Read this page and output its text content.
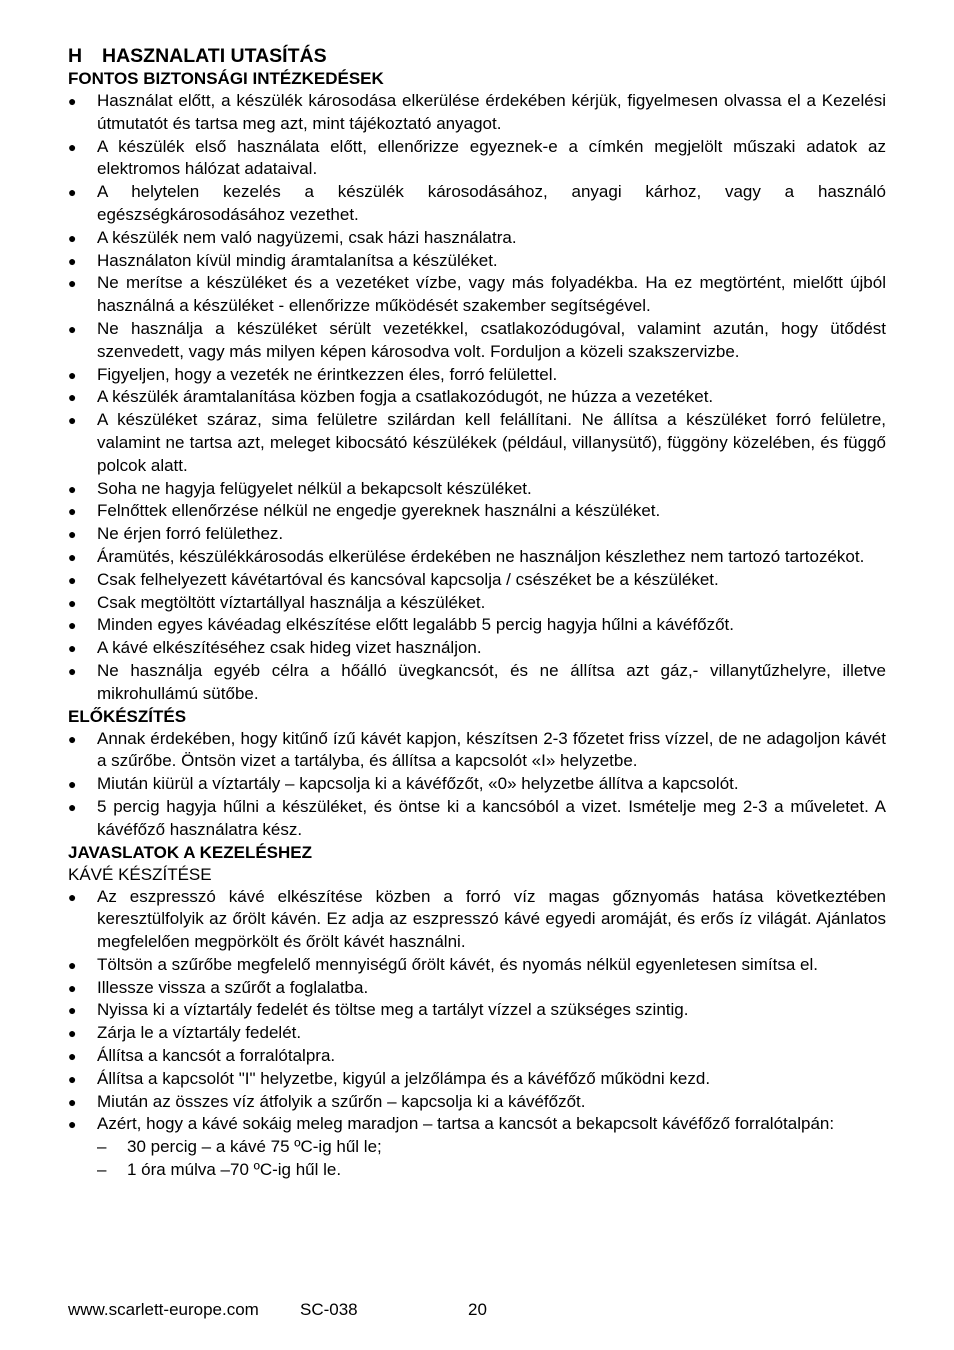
H HASZNALATI UTASÍTÁS

FONTOS BIZTONSÁGI INTÉZKEDÉSEK

● Használat előtt, a készülék károsodása elkerülése érdekében kérjük, figyelmesen olvassa el a Kezelési útmutatót és tartsa meg azt, mint tájékoztató anyagot.
● A készülék első használata előtt, ellenőrizze egyeznek-e a címkén megjelölt műszaki adatok az elektromos hálózat adataival.
● A helytelen kezelés a készülék károsodásához, anyagi kárhoz, vagy a használó egészségkárosodásához vezethet.
● A készülék nem való nagyüzemi, csak házi használatra.
● Használaton kívül mindig áramtalanítsa a készüléket.
● Ne merítse a készüléket és a vezetéket vízbe, vagy más folyadékba. Ha ez megtörtént, mielőtt újból használná a készüléket - ellenőrizze működését szakember segítségével.
● Ne használja a készüléket sérült vezetékkel, csatlakozódugóval, valamint azután, hogy ütődést szenvedett, vagy más milyen képen károsodva volt. Forduljon a közeli szakszervizbe.
● Figyeljen, hogy a vezeték ne érintkezzen éles, forró felülettel.
● A készülék áramtalanítása közben fogja a csatlakozódugót, ne húzza a vezetéket.
● A készüléket száraz, sima felületre szilárdan kell felállítani. Ne állítsa a készüléket forró felületre, valamint ne tartsa azt, meleget kibocsátó készülékek (például, villanysütő), függöny közelében, és függő polcok alatt.
● Soha ne hagyja felügyelet nélkül a bekapcsolt készüléket.
● Felnőttek ellenőrzése nélkül ne engedje gyereknek használni a készüléket.
● Ne érjen forró felülethez.
● Áramütés, készülékkárosodás elkerülése érdekében ne használjon készlethez nem tartozó tartozékot.
● Csak felhelyezett kávétartóval és kancsóval kapcsolja / csészéket be a készüléket.
● Csak megtöltött víztartállyal használja a készüléket.
● Minden egyes kávéadag elkészítése előtt legalább 5 percig hagyja hűlni a kávéfőzőt.
● A kávé elkészítéséhez csak hideg vizet használjon.
● Ne használja egyéb célra a hőálló üvegkancsót, és ne állítsa azt gáz,- villanytűzhelyre, illetve mikrohullámú sütőbe.

ELŐKÉSZÍTÉS

● Annak érdekében, hogy kitűnő ízű kávét kapjon, készítsen 2-3 főzetet friss vízzel, de ne adagoljon kávét a szűrőbe. Öntsön vizet a tartályba, és állítsa a kapcsolót «I» helyzetbe.
● Miután kiürül a víztartály – kapcsolja ki a kávéfőzőt, «0» helyzetbe állítva a kapcsolót.
● 5 percig hagyja hűlni a készüléket, és öntse ki a kancsóból a vizet. Ismételje meg 2-3 a műveletet. A kávéfőző használatra kész.

JAVASLATOK A KEZELÉSHEZ

KÁVÉ KÉSZÍTÉSE

● Az eszpresszó kávé elkészítése közben a forró víz magas gőznyomás hatása következtében keresztülfolyik az őrölt kávén. Ez adja az eszpresszó kávé egyedi aromáját, és erős íz világát. Ajánlatos megfelelően megpörkölt és őrölt kávét használni.
● Töltsön a szűrőbe megfelelő mennyiségű őrölt kávét, és nyomás nélkül egyenletesen simítsa el.
● Illessze vissza a szűrőt a foglalatba.
● Nyissa ki a víztartály fedelét és töltse meg a tartályt vízzel a szükséges szintig.
● Zárja le a víztartály fedelét.
● Állítsa a kancsót a forralótalpra.
● Állítsa a kapcsolót "I" helyzetbe, kigyúl a jelzőlámpa és a kávéfőző működni kezd.
● Miután az összes víz átfolyik a szűrőn – kapcsolja ki a kávéfőzőt.
● Azért, hogy a kávé sokáig meleg maradjon – tartsa a kancsót a bekapcsolt kávéfőző forralótalpán:
– 30 percig – a kávé 75 ºC-ig hűl le;
– 1 óra múlva –70 ºC-ig hűl le.
www.scarlett-europe.com SC-038	20
